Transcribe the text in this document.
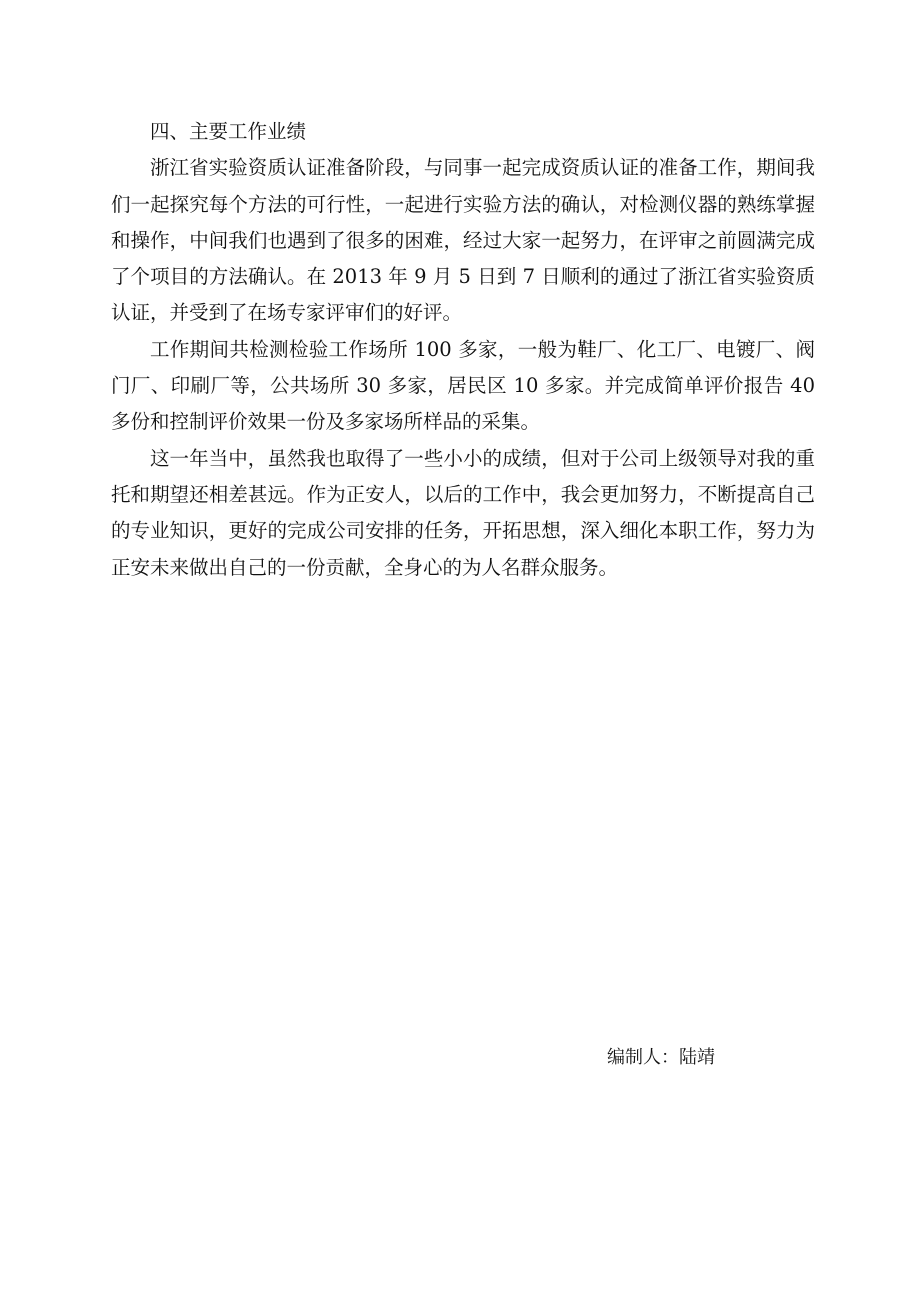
四、主要工作业绩

浙江省实验资质认证准备阶段，与同事一起完成资质认证的准备工作，期间我们一起探究每个方法的可行性，一起进行实验方法的确认，对检测仪器的熟练掌握和操作，中间我们也遇到了很多的困难，经过大家一起努力，在评审之前圆满完成了个项目的方法确认。在 2013 年 9 月 5 日到 7 日顺利的通过了浙江省实验资质认证，并受到了在场专家评审们的好评。

工作期间共检测检验工作场所 100 多家，一般为鞋厂、化工厂、电镀厂、阀门厂、印刷厂等，公共场所 30 多家，居民区 10 多家。并完成简单评价报告 40 多份和控制评价效果一份及多家场所样品的采集。

这一年当中，虽然我也取得了一些小小的成绩，但对于公司上级领导对我的重托和期望还相差甚远。作为正安人，以后的工作中，我会更加努力，不断提高自己的专业知识，更好的完成公司安排的任务，开拓思想，深入细化本职工作，努力为正安未来做出自己的一份贡献，全身心的为人名群众服务。

编制人：陆靖
